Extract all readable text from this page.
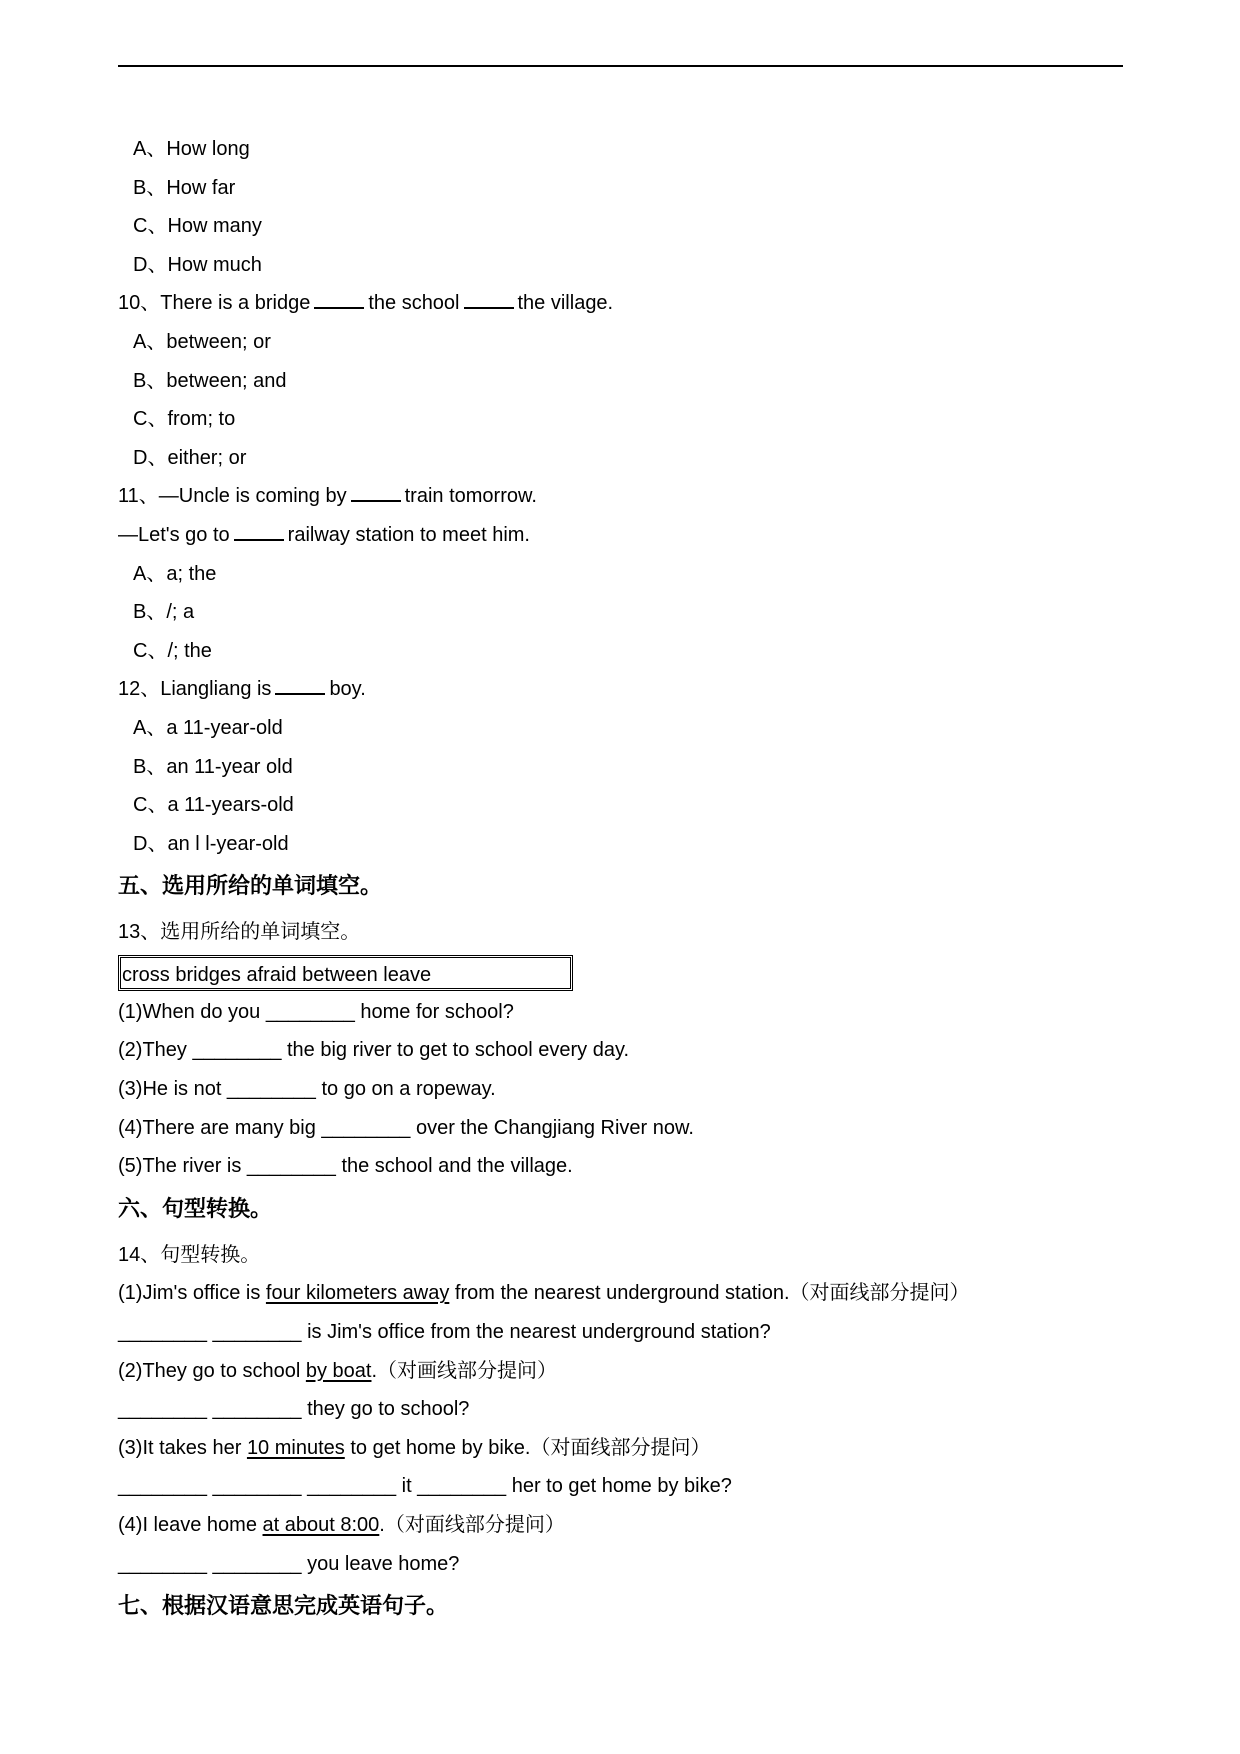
A、How long
B、How far
C、How many
D、How much
10、There is a bridge	the school	the village.
A、between; or
B、between; and
C、from; to
D、either; or
11、—Uncle is coming by	train tomorrow.
—Let's go to	railway station to meet him.
A、a; the
B、/; a
C、/; the
12、Liangliang is	boy.
A、a 11-year-old
B、an 11-year old
C、a 11-years-old
D、an l l-year-old
五、选用所给的单词填空。
13、选用所给的单词填空。
cross bridges afraid between leave
(1)When do you ________ home for school?
(2)They ________ the big river to get to school every day.
(3)He is not ________ to go on a ropeway.
(4)There are many big ________ over the Changjiang River now.
(5)The river is ________ the school and the village.
六、句型转换。
14、句型转换。
(1)Jim's office is four kilometers away from the nearest underground station.（对面线部分提问）
________ ________ is Jim's office from the nearest underground station?
(2)They go to school by boat.（对画线部分提问）
________ ________ they go to school?
(3)It takes her 10 minutes to get home by bike.（对面线部分提问）
________ ________ ________ it ________ her to get home by bike?
(4)I leave home at about 8:00.（对面线部分提问）
________ ________ you leave home?
七、根据汉语意思完成英语句子。
